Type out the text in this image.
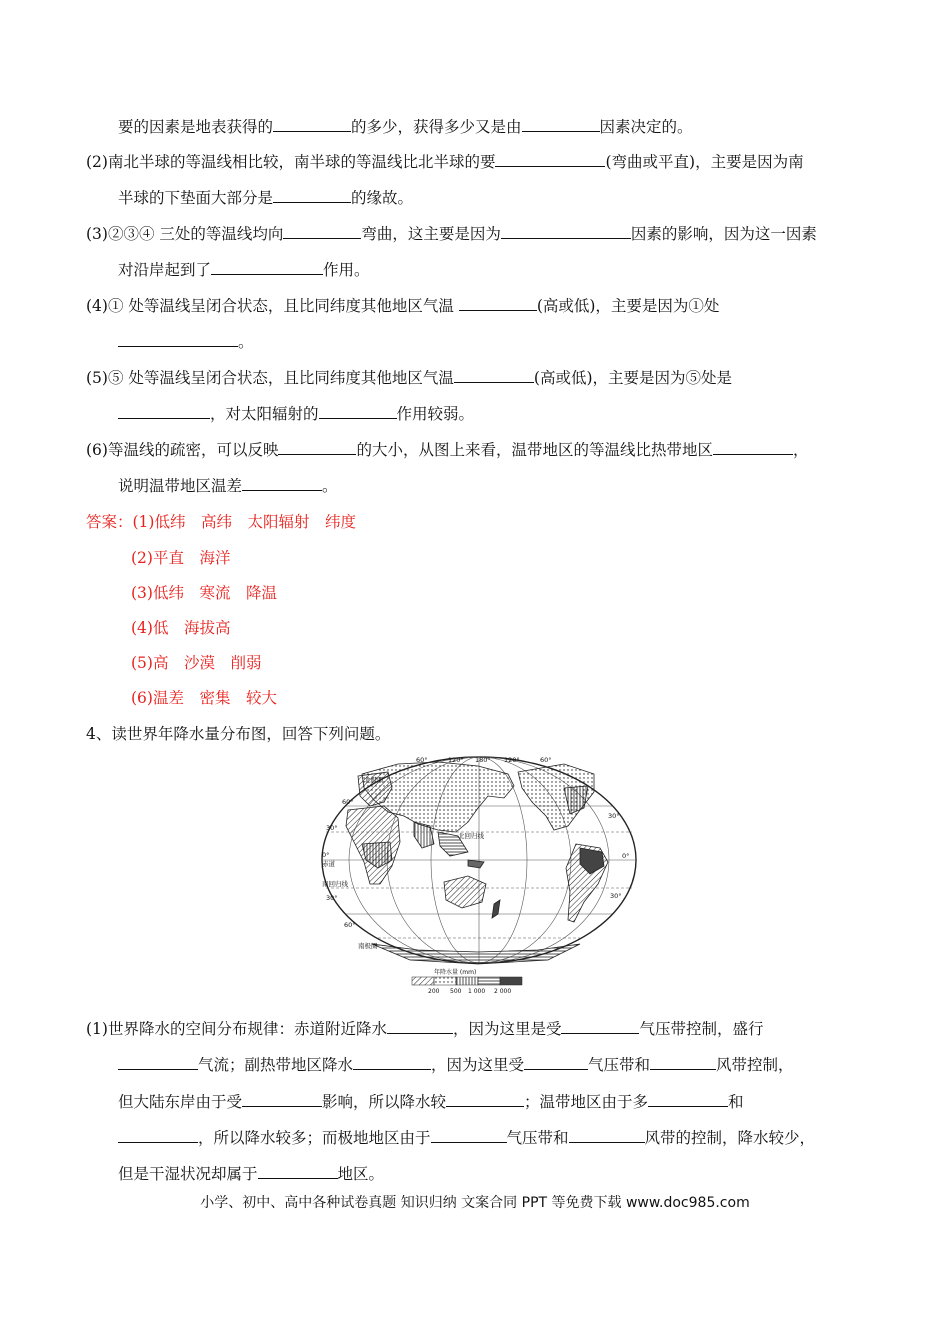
要的因素是地表获得的	的多少，获得多少又是由	因素决定的。
(2)南北半球的等温线相比较，南半球的等温线比北半球的要	(弯曲或平直)，主要是因为南
半球的下垫面大部分是	的缘故。
(3)②③④ 三处的等温线均向	弯曲，这主要是因为	因素的影响，因为这一因素
对沿岸起到了	作用。
(4)① 处等温线呈闭合状态，且比同纬度其他地区气温	(高或低)，主要是因为①处
。
(5)⑤ 处等温线呈闭合状态，且比同纬度其他地区气温	(高或低)，主要是因为⑤处是
，对太阳辐射的	作用较弱。
(6)等温线的疏密，可以反映	的大小，从图上来看，温带地区的等温线比热带地区	，
说明温带地区温差	。
答案：(1)低纬　高纬　太阳辐射　纬度
(2)平直　海洋
(3)低纬　寒流　降温
(4)低　海拔高
(5)高　沙漠　削弱
(6)温差　密集　较大
4、读世界年降水量分布图，回答下列问题。
(1)世界降水的空间分布规律：赤道附近降水	，因为这里是受	气压带控制，盛行
气流；副热带地区降水	，因为这里受	气压带和	风带控制，
但大陆东岸由于受	影响，所以降水较	；温带地区由于多	和
，所以降水较多；而极地地区由于	气压带和	风带的控制，降水较少，
但是干湿状况却属于	地区。
60°	120° 180° 120°	60°
60°
30°
0°
30°
60°
30°
0°
30°
北极圈
北回归线
赤道
南回归线
南极圈
年降水量 (mm)
200 500 1 000 2 000
小学、初中、高中各种试卷真题 知识归纳 文案合同 PPT 等免费下载 www.doc985.com
